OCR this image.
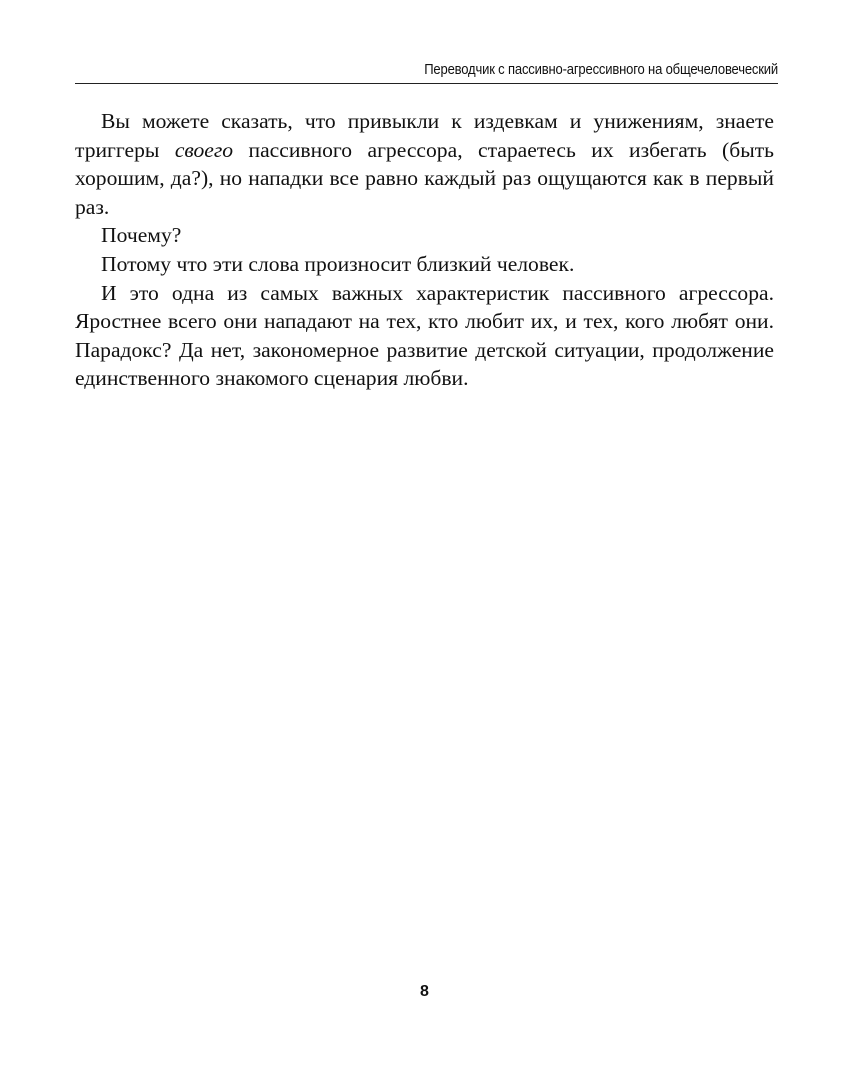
Переводчик с пассивно-агрессивного на общечеловеческий

Вы можете сказать, что привыкли к издевкам и унижениям, знаете триггеры своего пассивного агрессора, стараетесь их избегать (быть хорошим, да?), но нападки все равно каждый раз ощущаются как в первый раз.

Почему?

Потому что эти слова произносит близкий человек.

И это одна из самых важных характеристик пассивного агрессора. Яростнее всего они нападают на тех, кто любит их, и тех, кого любят они. Парадокс? Да нет, закономерное развитие детской ситуации, продолжение единственного знакомого сценария любви.

8
